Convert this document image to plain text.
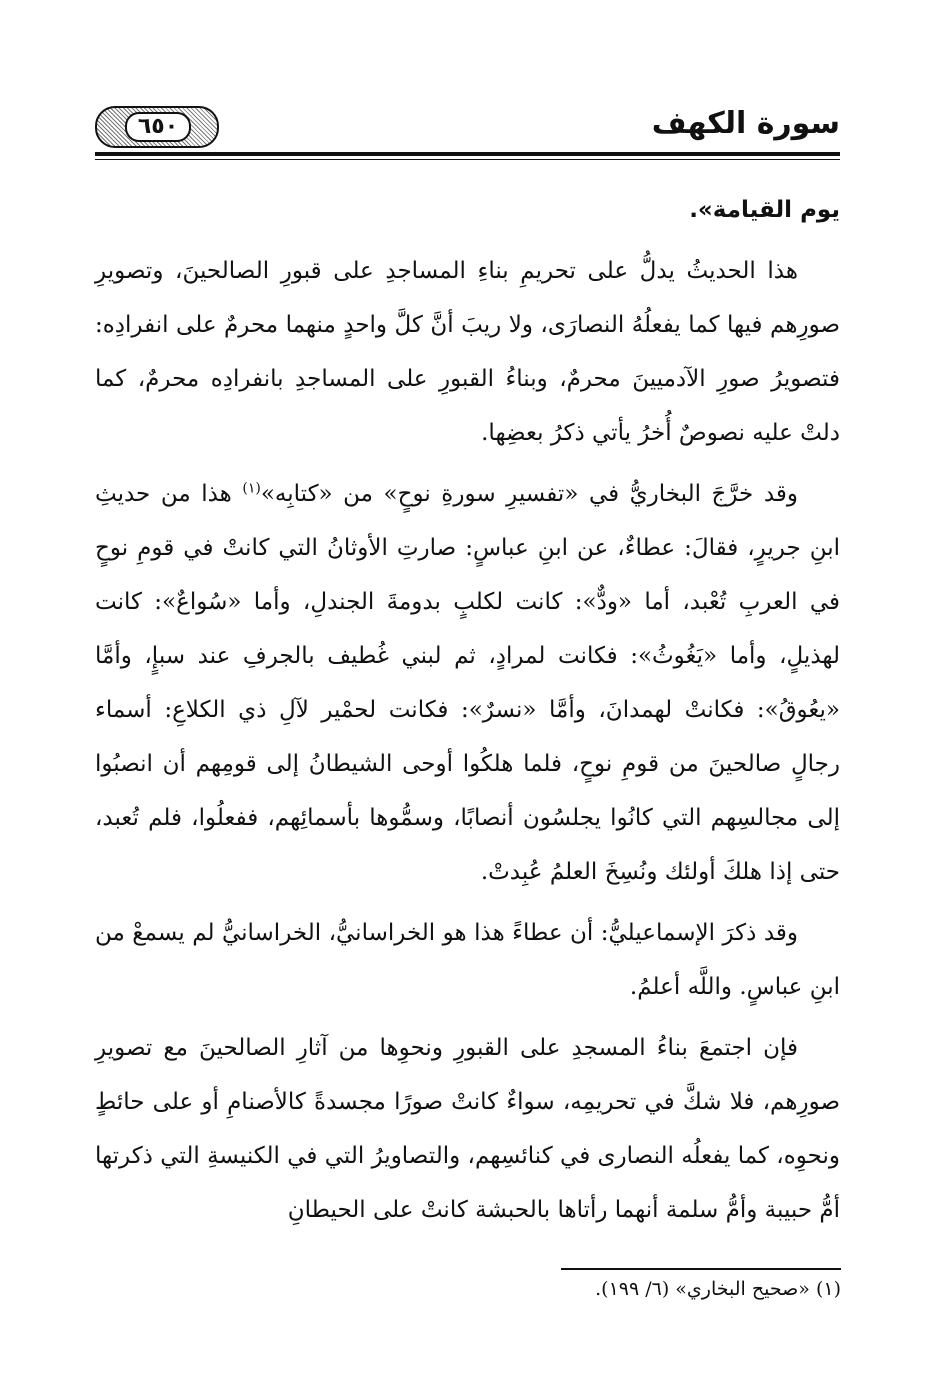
٦٥٠	سورة الكهف

يوم القيامة».

هذا الحديثُ يدلُّ على تحريمِ بناءِ المساجدِ على قبورِ الصالحينَ، وتصويرِ صورِهم فيها كما يفعلُهُ النصارَى، ولا ريبَ أنَّ كلَّ واحدٍ منهما محرمٌ على انفرادِه: فتصويرُ صورِ الآدميينَ محرمٌ، وبناءُ القبورِ على المساجدِ بانفرادِه محرمٌ، كما دلتْ عليه نصوصٌ أُخرُ يأتي ذكرُ بعضِها.

وقد خرَّجَ البخاريُّ في «تفسيرِ سورةِ نوحٍ» من «كتابِه»$^{(١)}$ هذا من حديثِ ابنِ جريرٍ، فقالَ: عطاءٌ، عن ابنِ عباسٍ: صارتِ الأوثانُ التي كانتْ في قومِ نوحٍ في العربِ تُعْبد، أما «ودٌّ»: كانت لكلبٍ بدومةَ الجندلِ، وأما «سُواعٌ»: كانت لهذيلٍ، وأما «يَغُوثُ»: فكانت لمرادٍ، ثم لبني غُطيف بالجرفِ عند سبإٍ، وأمَّا «يعُوقُ»: فكانتْ لهمدانَ، وأمَّا «نسرٌ»: فكانت لحمْير لآلِ ذي الكلاعِ: أسماء رجالٍ صالحينَ من قومِ نوحٍ، فلما هلكُوا أوحى الشيطانُ إلى قومِهم أن انصبُوا إلى مجالسِهم التي كانُوا يجلسُون أنصابًا، وسمُّوها بأسمائِهم، ففعلُوا، فلم تُعبد، حتى إذا هلكَ أولئك ونُسِخَ العلمُ عُبِدتْ.

وقد ذكرَ الإسماعيليُّ: أن عطاءً هذا هو الخراسانيُّ، الخراسانيُّ لم يسمعْ من ابنِ عباسٍ. واللَّه أعلمُ.

فإن اجتمعَ بناءُ المسجدِ على القبورِ ونحوِها من آثارِ الصالحينَ مع تصويرِ صورِهم، فلا شكَّ في تحريمِه، سواءٌ كانتْ صورًا مجسدةً كالأصنامِ أو على حائطٍ ونحوِه، كما يفعلُه النصارى في كنائسِهم، والتصاويرُ التي في الكنيسةِ التي ذكرتها أمُّ حبيبة وأمُّ سلمة أنهما رأتاها بالحبشة كانتْ على الحيطانِ

(١) «صحيح البخاري» (٦/ ١٩٩).
